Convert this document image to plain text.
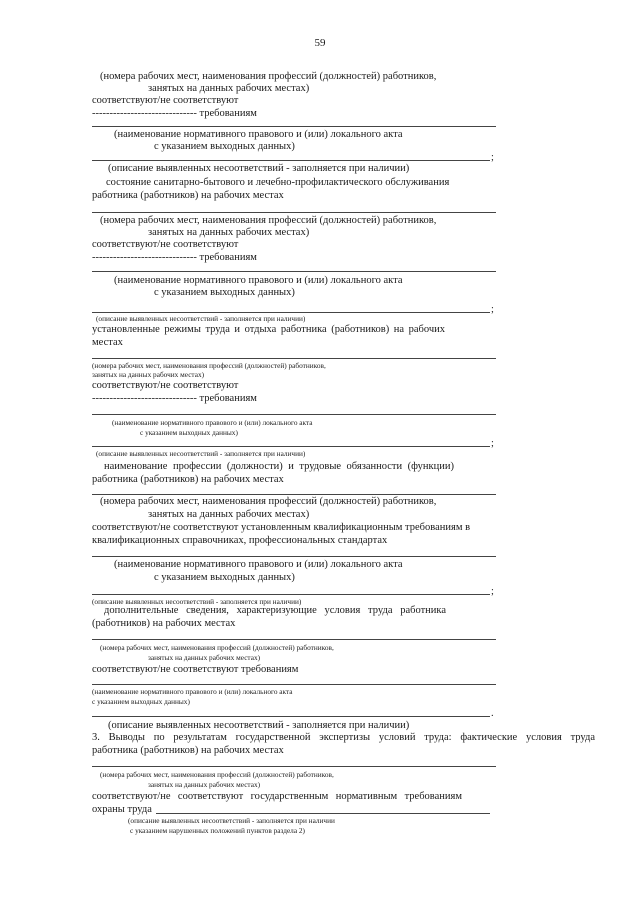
59
(номера рабочих мест, наименования профессий (должностей) работников,
занятых на данных рабочих местах)
соответствуют/не соответствуют
------------------------------ требованиям
(наименование нормативного правового и (или) локального акта
с указанием выходных данных)
;
(описание выявленных несоответствий - заполняется при наличии)
состояние санитарно-бытового и лечебно-профилактического обслуживания
работника (работников) на рабочих местах
(номера рабочих мест, наименования профессий (должностей) работников,
занятых на данных рабочих местах)
соответствуют/не соответствуют
------------------------------ требованиям
(наименование нормативного правового и (или) локального акта
с указанием выходных данных)
;
(описание выявленных несоответствий - заполняется при наличии)
установленные режимы труда и отдыха работника (работников) на рабочих
местах
(номера рабочих мест, наименования профессий (должностей) работников,
занятых на данных рабочих местах)
соответствуют/не соответствуют
------------------------------ требованиям
(наименование нормативного правового и (или) локального акта
с указанием выходных данных)
;
(описание выявленных несоответствий - заполняется при наличии)
наименование профессии (должности) и трудовые обязанности (функции)
работника (работников) на рабочих местах
(номера рабочих мест, наименования профессий (должностей) работников,
занятых на данных рабочих местах)
соответствуют/не соответствуют установленным квалификационным требованиям в
квалификационных справочниках, профессиональных стандартах
(наименование нормативного правового и (или) локального акта
с указанием выходных данных)
;
(описание выявленных несоответствий - заполняется при наличии)
дополнительные сведения, характеризующие условия труда работника
(работников) на рабочих местах
(номера рабочих мест, наименования профессий (должностей) работников,
занятых на данных рабочих местах)
соответствуют/не соответствуют требованиям
(наименование нормативного правового и (или) локального акта
с указанием выходных данных)
.
(описание выявленных несоответствий - заполняется при наличии)
3. Выводы по результатам государственной экспертизы условий труда: фактические условия труда
работника (работников) на рабочих местах
(номера рабочих мест, наименования профессий (должностей) работников,
занятых на данных рабочих местах)
соответствуют/не соответствуют государственным нормативным требованиям
охраны труда
(описание выявленных несоответствий - заполняется при наличии
с указанием нарушенных положений пунктов раздела 2)
